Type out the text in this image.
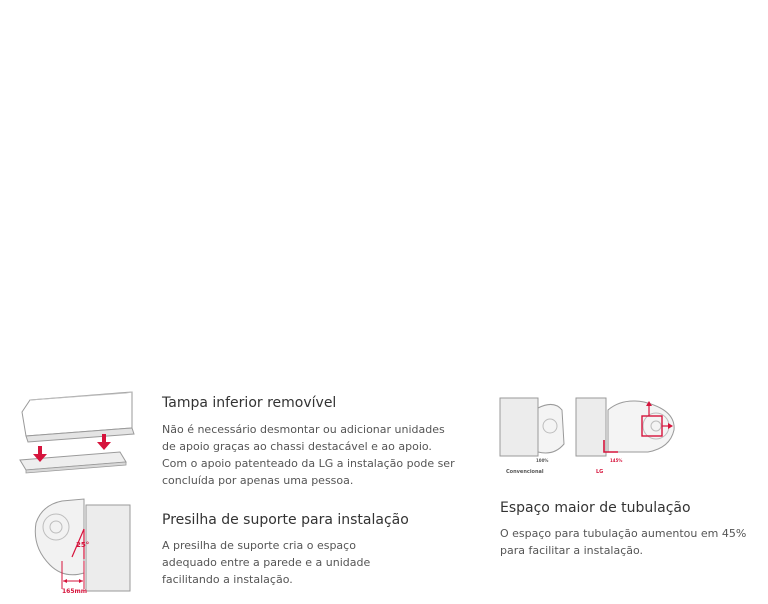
Tampa inferior removível

Não é necessário desmontar ou adicionar unidades
de apoio graças ao chassi destacável e ao apoio.
Com o apoio patenteado da LG a instalação pode ser
concluída por apenas uma pessoa.

25°
165mm
Presilha de suporte para instalação

A presilha de suporte cria o espaço
adequado entre a parede e a unidade
facilitando a instalação.

100%
Convencional
145%
LG
Espaço maior de tubulação

O espaço para tubulação aumentou em 45%
para facilitar a instalação.
